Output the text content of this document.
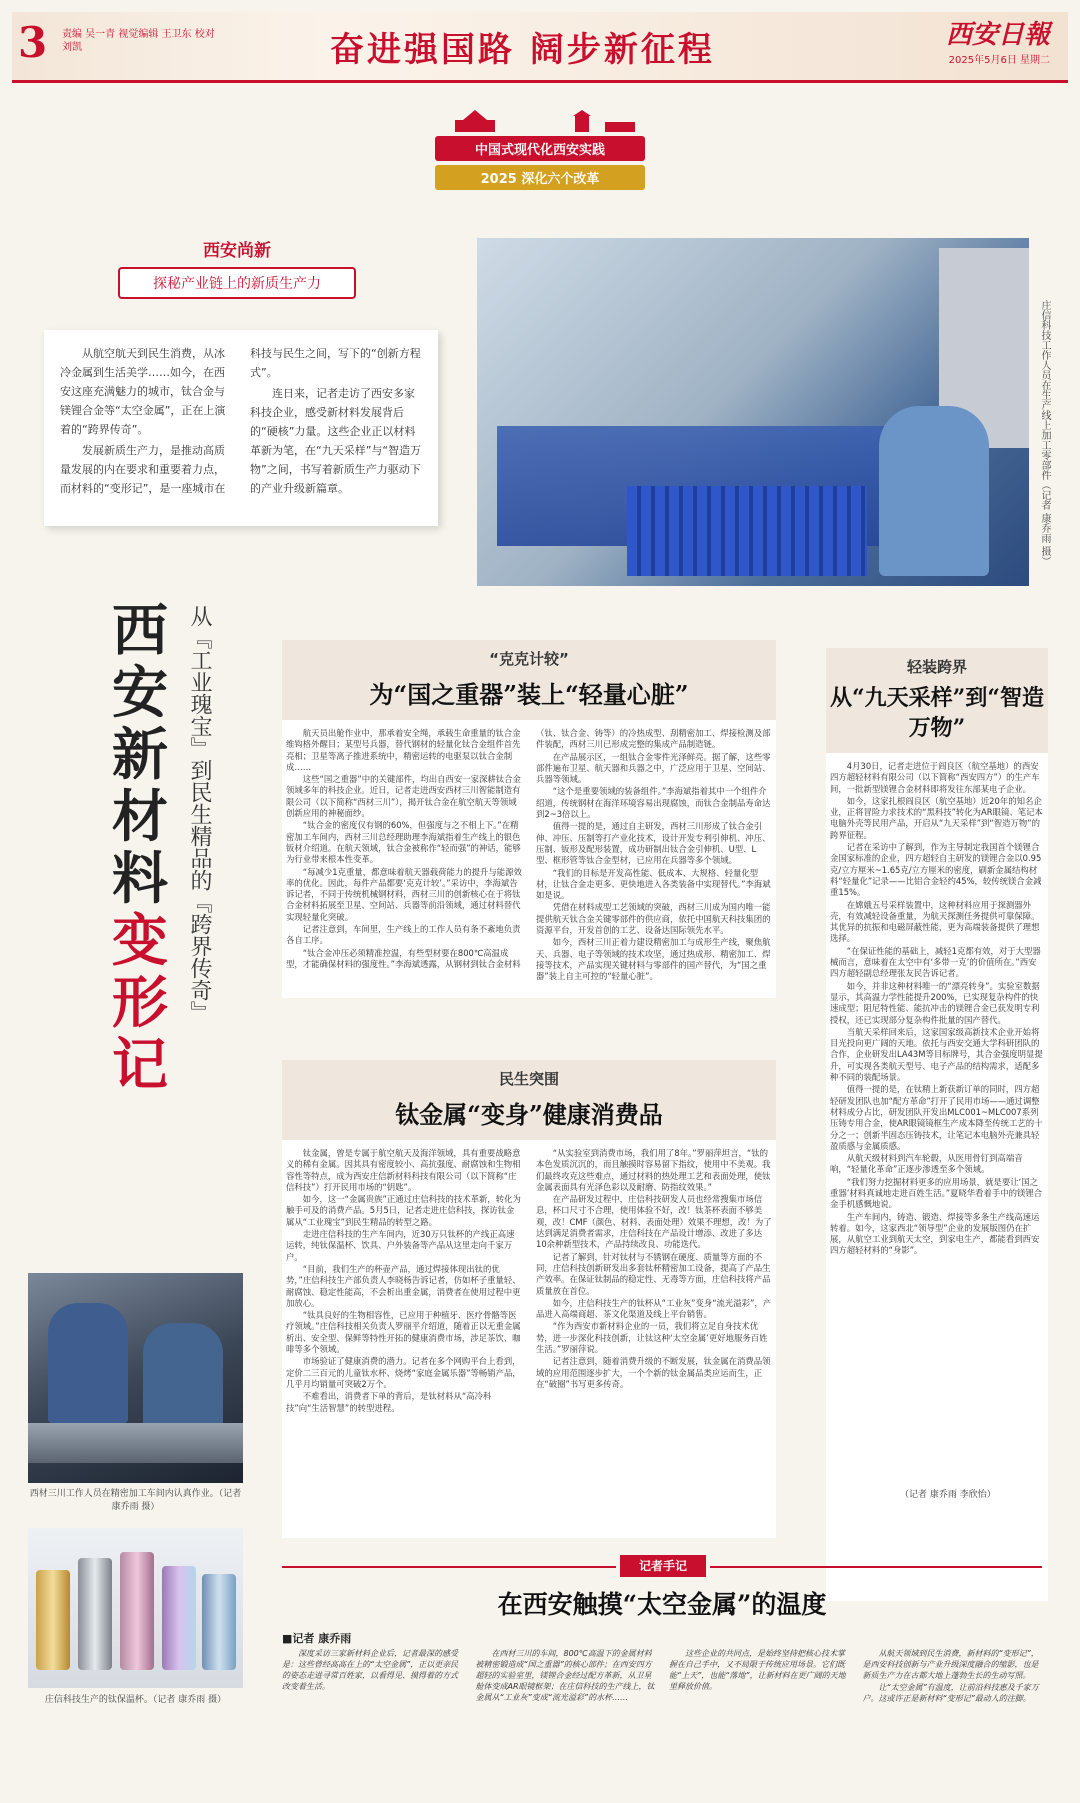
3 责编 吴一青 视觉编辑 王卫东 校对 刘凯	奋进强国路 阔步新征程	西安日報
2025年5月6日 星期二
中国式现代化西安实践
2025 深化六个改革
西安尚新
探秘产业链上的新质生产力

从航空航天到民生消费，从冰冷金属到生活美学……如今，在西安这座充满魅力的城市，钛合金与镁锂合金等“太空金属”，正在上演着的“跨界传奇”。

发展新质生产力，是推动高质量发展的内在要求和重要着力点，而材料的“变形记”，是一座城市在科技与民生之间，写下的“创新方程式”。

连日来，记者走访了西安多家科技企业，感受新材料发展背后的“硬核”力量。这些企业正以材料革新为笔，在“九天采样”与“智造万物”之间，书写着新质生产力驱动下的产业升级新篇章。	庄信科技工作人员在生产线上加工零部件（记者 康乔雨 摄）
西安新材料
变形记
从『工业瑰宝』到民生精品的『跨界传奇』	“克克计较”
为“国之重器”装上“轻量心脏”

航天员出舱作业中，那承着安全绳，承载生命重量的钛合金维钩格外醒目；某型号兵器，替代钢材的轻量化钛合金组件首先亮相；卫星等离子推进系统中，精密运转的电驱泵以钛合金制成……

这些“国之重器”中的关键部件，均出自西安一家深耕钛合金领域多年的科技企业。近日，记者走进西安西材三川智能制造有限公司（以下简称“西材三川”），揭开钛合金在航空航天等领域创新应用的神秘面纱。

“钛合金的密度仅有钢的60%，但强度与之不相上下。”在精密加工车间内，西材三川总经理助理李海斌指着生产线上的银色钣材介绍道。在航天领域，钛合金被称作“轻而强”的神话，能够为行业带来根本性变革。

“每减少1克重量，都意味着航天器载荷能力的提升与能源效率的优化。因此，每件产品都要‘克克计较’。”采访中，李海斌告诉记者，不同于传统机械钢材料，西材三川的创新核心在于将钛合金材料拓展至卫星、空间站、兵器等前沿领域，通过材料替代实现轻量化突破。

记者注意到，车间里，生产线上的工作人员有条不紊地负责各自工序。

“钛合金冲压必须精准控温，有些型材要在800℃高温成型，才能确保材料的强度性。”李海斌透露，从钢材到钛合金材料（钛、钛合金、铸等）的冷热成型、刮精密加工、焊接检测及部件装配，西材三川已形成完整的集成产品制造链。

在产品展示区，一组钛合金零件光泽鲜亮。据了解，这些零部件遍布卫星、航天器和兵器之中，广泛应用于卫星、空间站、兵器等领域。

“这个是重要领域的装备组件。”李海斌指着其中一个组件介绍道，传统钢材在海洋环境容易出现腐蚀，而钛合金制品寿命达到2~3倍以上。

值得一提的是，通过自主研发，西材三川形成了钛合金引伸、冲压、压制等打产业化技术，设计开发专利引伸机、冲压、压制、钣形及配形装置，成功研制出钛合金引伸机、U型、L型、框形管等钛合金型材，已应用在兵器等多个领域。

“我们的目标是开发高性能、低成本、大规格、轻量化型材，让钛合金走更多、更快地进入各类装备中实现替代。”李海斌如是说。

凭借在材料成型工艺领域的突破，西材三川成为国内唯一能提供航天钛合金关键零部件的供应商，依托中国航天科技集团的资源平台，开发首创的工艺、设备达国际领先水平。

如今，西材三川正着力建设精密加工与成形生产线，聚焦航天、兵器、电子等领域的技术攻坚，通过热成形、精密加工、焊接等技术，产品实现关键材料与零部件的国产替代，为“国之重器”装上自主可控的“轻量心脏”。

轻装跨界
从“九天采样”到“智造万物”

4月30日，记者走进位于阎良区（航空基地）的西安四方超轻材料有限公司（以下简称“西安四方”）的生产车间，一批新型镁锂合金材料即将发往东部某电子企业。

如今，这家扎根阎良区（航空基地）近20年的知名企业，正将冒险力求技术的“黑科技”转化为AR眼镜、笔记本电脑外壳等民用产品，开启从“九天采样”到“智造万物”的跨界征程。

记者在采访中了解到，作为主导制定我国首个镁锂合金国家标准的企业，四方超轻自主研发的镁锂合金以0.95克/立方厘米~1.65克/立方厘米的密度，刷新金属结构材料“轻量化”记录——比铝合金轻约45%，较传统镁合金减重15%。

在嫦娥五号采样装置中，这种材料应用于探测器外壳，有效减轻设备重量，为航天探测任务提供可靠保障。其优异的抗振和电磁屏蔽性能，更为高端装备提供了理想选择。

“在保证性能的基础上，减轻1克都有效，对于大型器械而言，意味着在太空中有‘多带一克’的价值所在。”西安四方超轻副总经理张友民告诉记者。

如今，并非这种材料唯一的“漂亮转身”。实验室数据显示，其高温力学性能提升200%，已实现复杂构件的快速成型；阻尼特性能、能抗冲击的镁锂合金已获发明专利授权，还已实现部分复杂构件批量的国产替代。

当航天采样回来后，这家国家级高新技术企业开始将目光投向更广阔的天地。依托与西安交通大学科研团队的合作，企业研发出LA43M等目标牌号，其合金强度明显提升，可实现各类航天型号、电子产品的结构需求，适配多种不同的装配场景。

值得一提的是，在钛精上新获新订单的同时，四方超轻研发团队也加“配方革命”打开了民用市场——通过调整材料成分占比，研发团队开发出MLC001~MLC007系列压铸专用合金，使AR眼镜镜框生产成本降至传统工艺的十分之一；创新半固态压铸技术，让笔记本电脑外壳兼具轻盈质感与金属质感。

从航天级材料到汽车轮毂，从医用骨钉到高端音响，“轻量化革命”正逐步渗透至多个领域。

“我们努力挖掘材料更多的应用场景，就是要让‘国之重器’材料真诚地走进百姓生活。”夏晓华看着手中的镁锂合金手机感慨地说。

生产车间内，铸造、锻造、焊接等多条生产线高速运转着。如今，这家西北“领导型”企业的发展版图仍在扩展，从航空工业到航天太空，到家电生产，都能看到西安四方超轻材料的“身影”。

（记者 康乔雨 李欣怡）
民生突围
钛金属“变身”健康消费品

钛金属，曾是专属于航空航天及海洋领域，具有重要战略意义的稀有金属。因其具有密度较小、高抗强度、耐腐蚀和生物相容性等特点，成为西安庄信新材料科技有限公司（以下简称“庄信科技”）打开民用市场的“钥匙”。

如今，这一“金属贵族”正通过庄信科技的技术革新，转化为触手可及的消费产品。5月5日，记者走进庄信科技，探访钛金属从“工业瑰宝”到民生精品的转型之路。

走进庄信科技的生产车间内，近30万只钛杯的产线正高速运转，纯钛保温杯、饮具、户外装备等产品从这里走向千家万户。

“目前，我们生产的杯壶产品，通过焊接体现出钛的优势，”庄信科技生产部负责人李晓杨告诉记者，仿如杯子重量轻、耐腐蚀、稳定性能高，不会析出重金属，消费者在使用过程中更加放心。

“钛具良好的生物相容性，已应用于种植牙、医疗骨骼等医疗领域。”庄信科技相关负责人罗丽平介绍道，随着正以无重金属析出、安全型、保鲜等特性开拓的健康消费市场，涉足茶饮、咖啡等多个领域。

市场验证了健康消费的潜力。记者在多个网购平台上看到，定价二三百元的儿童钛水杯、烧烤“家庭金属乐器”等畅销产品，几乎月均销量可突破2万个。

不难看出，消费者下单的背后，是钛材料从“高冷科技”向“生活智慧”的转型进程。

“从实验室到消费市场，我们用了8年。”罗丽萍坦言，“钛的本色发质沉沉的，而且触摸时容易留下指纹，使用中不美观。我们最终攻克这些难点，通过材料的热处理工艺和表面处理，使钛金属表面具有光泽色彩以及耐磨、防指纹效果。”

在产品研发过程中，庄信科技研发人员也经常搜集市场信息，杯口尺寸不合理，使用体验不好，改！钛茶杯表面不够美观，改！CMF（颜色、材料、表面处理）效果不理想，改！为了达到满足消费者需求，庄信科技在产品设计增添、改进了多达10余种新型技术，产品持续改良、功能迭代。

记者了解到，针对钛材与不锈钢在硬度、质量等方面的不同，庄信科技创新研发出多套钛杯精密加工设备，提高了产品生产效率。在保证钛制品的稳定性、无毒等方面，庄信科技将产品质量放在首位。

如今，庄信科技生产的钛杯从“工业灰”变身“流光溢彩”，产品进入高端商超、茶文化渠道及线上平台销售。

“作为西安市新材料企业的一员，我们将立足自身技术优势，进一步深化科技创新，让钛这种‘太空金属’更好地服务百姓生活。”罗丽萍说。

记者注意到，随着消费升级的不断发展，钛金属在消费品领域的应用范围逐步扩大，一个个新的钛金属品类应运而生，正在“破圈”书写更多传奇。

西材三川工作人员在精密加工车间内认真作业。（记者 康乔雨 摄）
庄信科技生产的钛保温杯。（记者 康乔雨 摄）
记者手记
在西安触摸“太空金属”的温度
■记者 康乔雨

深度采访三家新材料企业后，记者最深的感受是：这些曾经高高在上的“太空金属”，正以更亲民的姿态走进寻常百姓家，以看得见、摸得着的方式改变着生活。

在西材三川的车间，800℃高温下的金属材料被精密锻造成“国之重器”的核心部件；在西安四方超轻的实验室里，镁锂合金经过配方革新，从卫星舱体变成AR眼镜框架；在庄信科技的生产线上，钛金属从“工业灰”变成“流光溢彩”的水杯……

这些企业的共同点，是始终坚持把核心技术掌握在自己手中，又不局限于传统应用场景。它们既能“上天”，也能“落地”，让新材料在更广阔的天地里释放价值。

从航天领域到民生消费，新材料的“变形记”，是西安科技创新与产业升级深度融合的缩影，也是新质生产力在古都大地上蓬勃生长的生动写照。

让“太空金属”有温度，让前沿科技惠及千家万户。这或许正是新材料“变形记”最动人的注脚。
